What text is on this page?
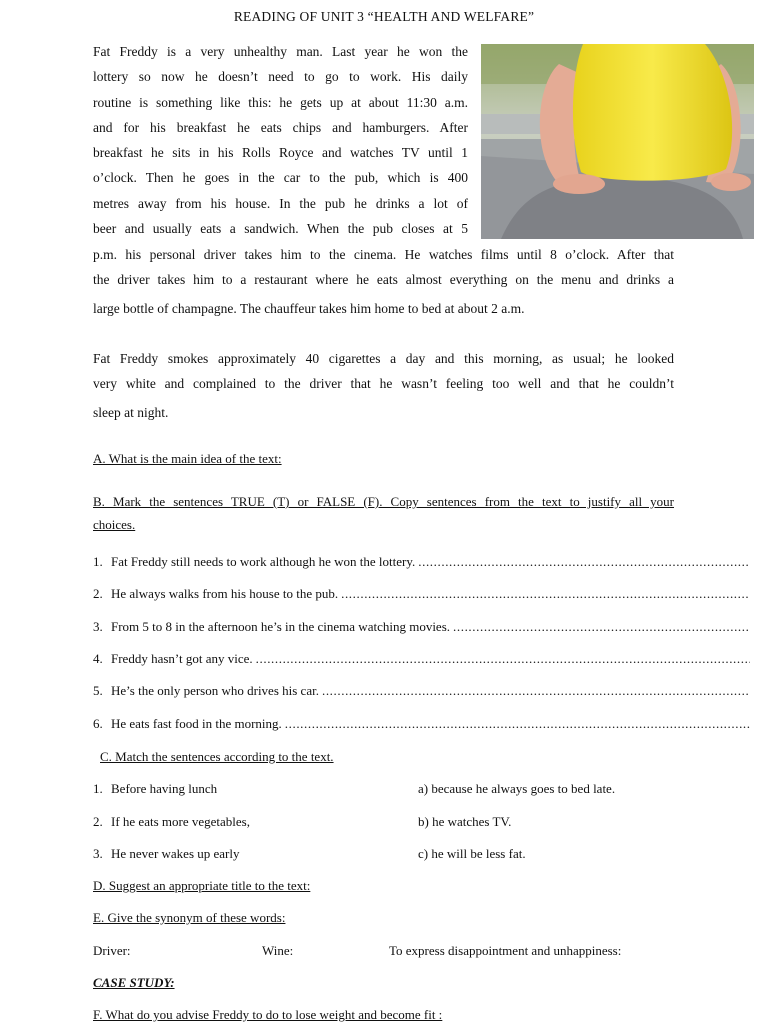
READING OF UNIT 3 “HEALTH AND WELFARE”
Fat Freddy is a very unhealthy man. Last year he won the
lottery so now he doesn’t need to go to work. His daily
routine is something like this: he gets up at about 11:30 a.m.
and for his breakfast he eats chips and hamburgers. After
breakfast he sits in his Rolls Royce and watches TV until 1
o’clock. Then he goes in the car to the pub, which is 400
metres away from his house. In the pub he drinks a lot of
beer and usually eats a sandwich. When the pub closes at 5
p.m. his personal driver takes him to the cinema. He watches films until 8 o’clock. After that
the driver takes him to a restaurant where he eats almost everything on the menu and drinks a
large bottle of champagne. The chauffeur takes him home to bed at about 2 a.m.
Fat Freddy smokes approximately 40 cigarettes a day and this morning, as usual; he looked
very white and complained to the driver that he wasn’t feeling too well and that he couldn’t
sleep at night.
A. What is the main idea of the text:
B. Mark the sentences TRUE (T) or FALSE (F). Copy sentences from the text to justify all your
choices.
1. Fat Freddy still needs to work although he won the lottery.
.....
2. He always walks from his house to the pub.
.....
3. From 5 to 8 in the afternoon he’s in the cinema watching movies.
.....
4. Freddy hasn’t got any vice.
.....
5. He’s the only person who drives his car.
.....
6. He eats fast food in the morning.
.....
C. Match the sentences according to the text.
1. Before having lunch	a) because he always goes to bed late.
2. If he eats more vegetables,	b) he watches TV.
3. He never wakes up early	c) he will be less fat.
D. Suggest an appropriate title to the text:
E. Give the synonym of these words:
Driver:	Wine:	To express disappointment and unhappiness:
CASE STUDY:
F. What do you advise Freddy to do to lose weight and become fit :
